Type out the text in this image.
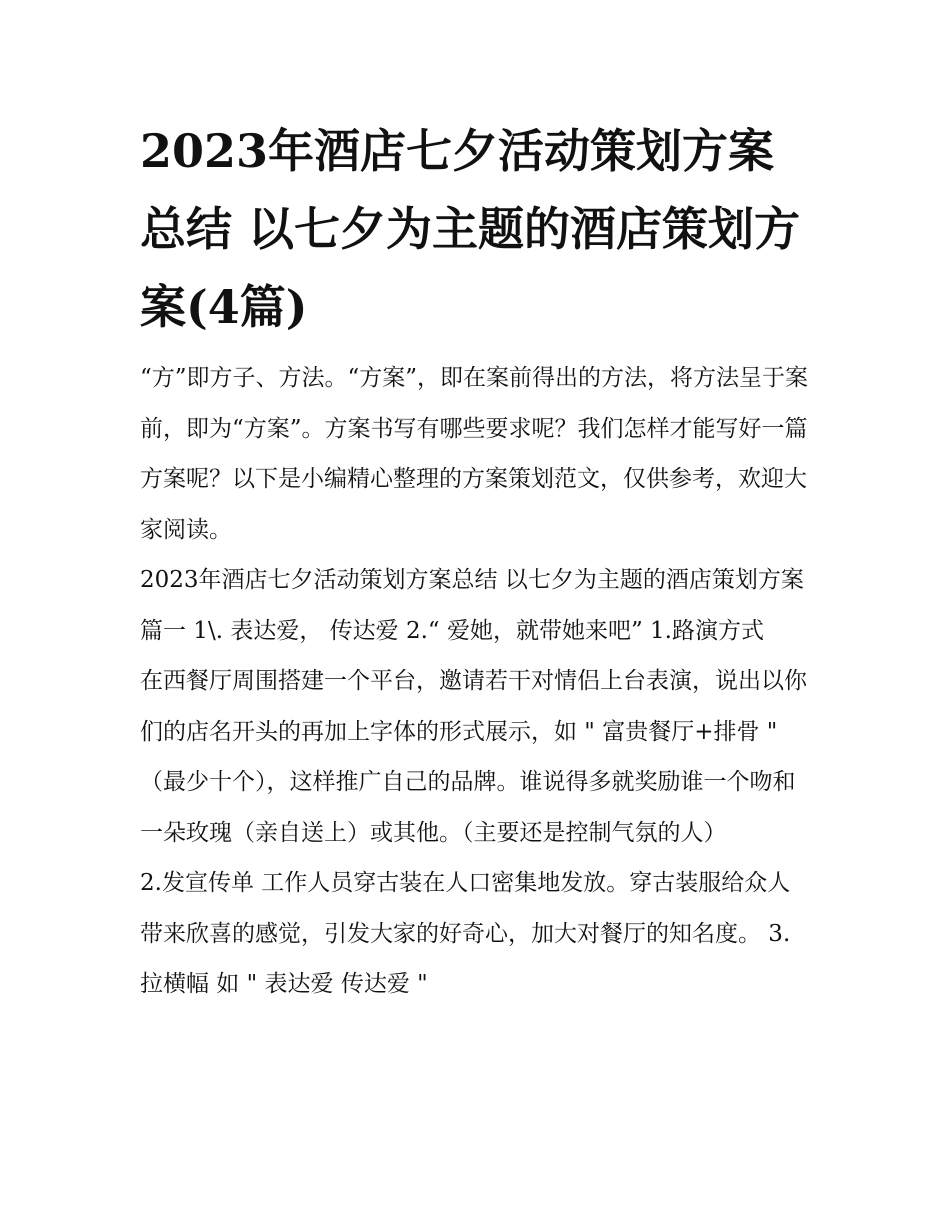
2023年酒店七夕活动策划方案总结 以七夕为主题的酒店策划方案(4篇)

“方”即方子、方法。“方案”，即在案前得出的方法，将方法呈于案前，即为“方案”。方案书写有哪些要求呢？我们怎样才能写好一篇方案呢？以下是小编精心整理的方案策划范文，仅供参考，欢迎大家阅读。

2023年酒店七夕活动策划方案总结 以七夕为主题的酒店策划方案篇一 1\. 表达爱， 传达爱 2.“ 爱她，就带她来吧” 1.路演方式

在西餐厅周围搭建一个平台，邀请若干对情侣上台表演，说出以你们的店名开头的再加上字体的形式展示，如 " 富贵餐厅+排骨 " （最少十个），这样推广自己的品牌。谁说得多就奖励谁一个吻和一朵玫瑰（亲自送上）或其他。（主要还是控制气氛的人）

2.发宣传单 工作人员穿古装在人口密集地发放。穿古装服给众人带来欣喜的感觉，引发大家的好奇心，加大对餐厅的知名度。 3.拉横幅 如 " 表达爱 传达爱 "
